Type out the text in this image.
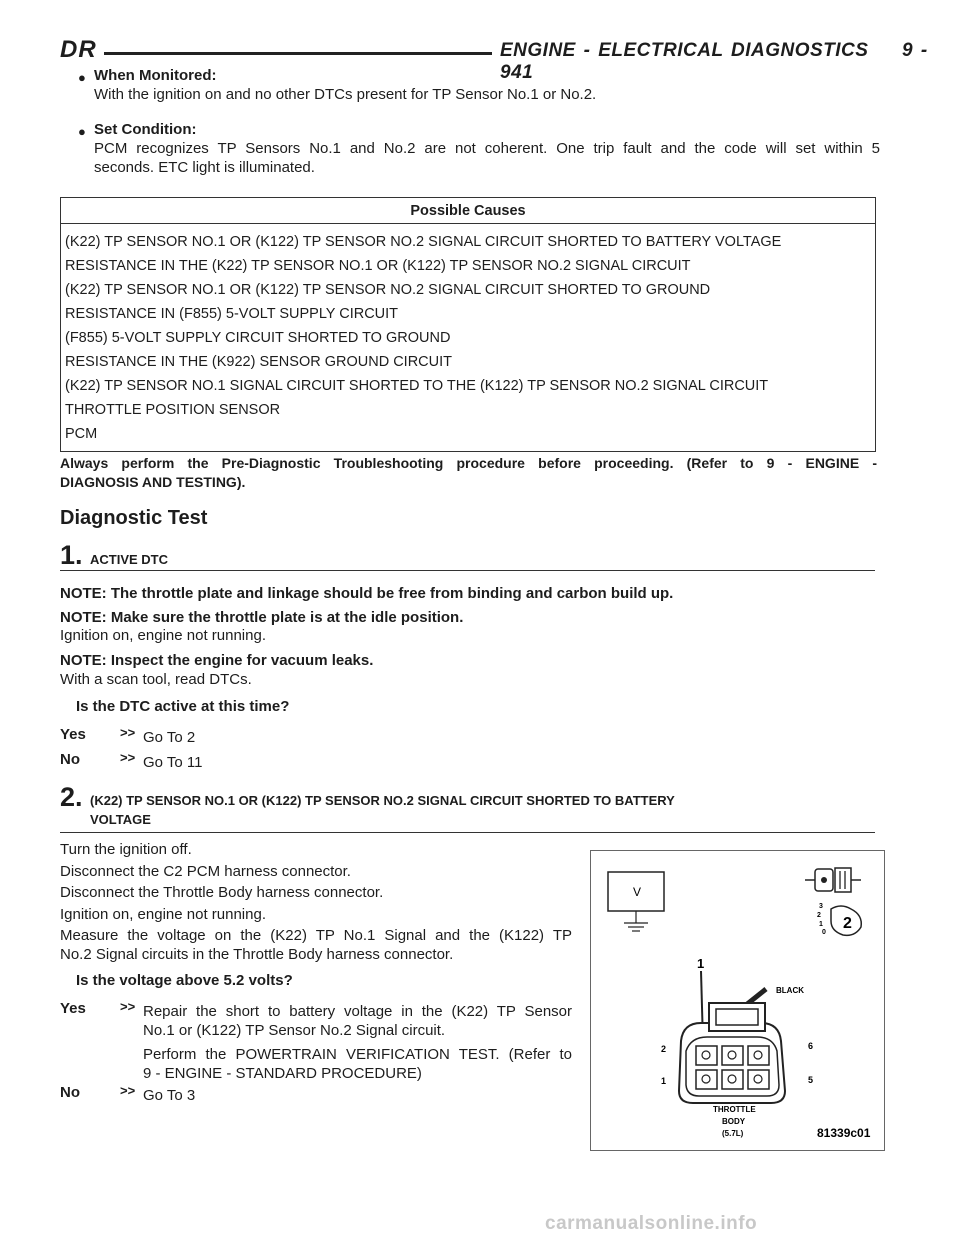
DR	ENGINE - ELECTRICAL DIAGNOSTICS 9 - 941
● When Monitored:
With the ignition on and no other DTCs present for TP Sensor No.1 or No.2.
● Set Condition:
PCM recognizes TP Sensors No.1 and No.2 are not coherent. One trip fault and the code will set within 5
seconds. ETC light is illuminated.
Possible Causes
(K22) TP SENSOR NO.1 OR (K122) TP SENSOR NO.2 SIGNAL CIRCUIT SHORTED TO BATTERY VOLTAGE
RESISTANCE IN THE (K22) TP SENSOR NO.1 OR (K122) TP SENSOR NO.2 SIGNAL CIRCUIT
(K22) TP SENSOR NO.1 OR (K122) TP SENSOR NO.2 SIGNAL CIRCUIT SHORTED TO GROUND
RESISTANCE IN (F855) 5-VOLT SUPPLY CIRCUIT
(F855) 5-VOLT SUPPLY CIRCUIT SHORTED TO GROUND
RESISTANCE IN THE (K922) SENSOR GROUND CIRCUIT
(K22) TP SENSOR NO.1 SIGNAL CIRCUIT SHORTED TO THE (K122) TP SENSOR NO.2 SIGNAL CIRCUIT
THROTTLE POSITION SENSOR
PCM
Always perform the Pre-Diagnostic Troubleshooting procedure before proceeding. (Refer to 9 - ENGINE -
DIAGNOSIS AND TESTING).
Diagnostic Test
1. ACTIVE DTC
NOTE: The throttle plate and linkage should be free from binding and carbon build up.
NOTE: Make sure the throttle plate is at the idle position.
Ignition on, engine not running.
NOTE: Inspect the engine for vacuum leaks.
With a scan tool, read DTCs.
Is the DTC active at this time?
Yes	>> Go To 2
No	>> Go To 11
2. (K22) TP SENSOR NO.1 OR (K122) TP SENSOR NO.2 SIGNAL CIRCUIT SHORTED TO BATTERY
VOLTAGE
Turn the ignition off.
Disconnect the C2 PCM harness connector.
Disconnect the Throttle Body harness connector.
Ignition on, engine not running.
Measure the voltage on the (K22) TP No.1 Signal and the (K122) TP
No.2 Signal circuits in the Throttle Body harness connector.
Is the voltage above 5.2 volts?
Yes	>> Repair the short to battery voltage in the (K22) TP Sensor
No.1 or (K122) TP Sensor No.2 Signal circuit.
Perform the POWERTRAIN VERIFICATION TEST. (Refer to
9 - ENGINE - STANDARD PROCEDURE)
No	>> Go To 3
V
3
2
1
0
2
1
BLACK
2
1
6
5
THROTTLE
BODY
(5.7L)	81339c01
carmanualsonline.info
